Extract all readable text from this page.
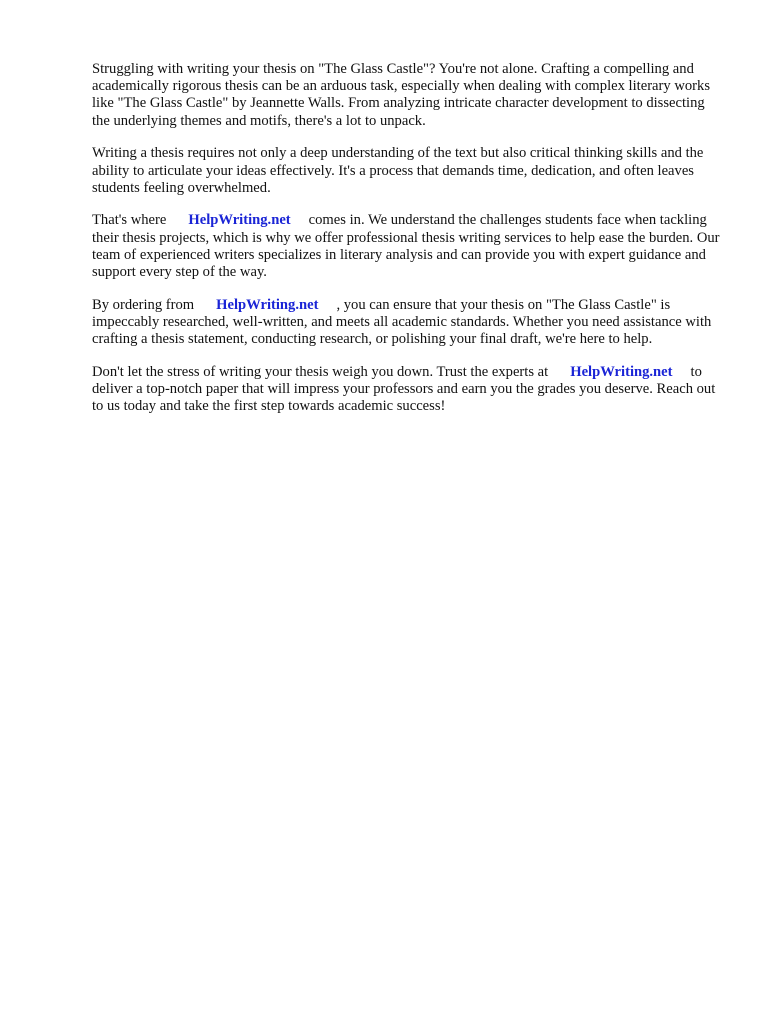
Struggling with writing your thesis on "The Glass Castle"? You're not alone. Crafting a compelling and academically rigorous thesis can be an arduous task, especially when dealing with complex literary works like "The Glass Castle" by Jeannette Walls. From analyzing intricate character development to dissecting the underlying themes and motifs, there's a lot to unpack.

Writing a thesis requires not only a deep understanding of the text but also critical thinking skills and the ability to articulate your ideas effectively. It's a process that demands time, dedication, and often leaves students feeling overwhelmed.

That's where HelpWriting.net comes in. We understand the challenges students face when tackling their thesis projects, which is why we offer professional thesis writing services to help ease the burden. Our team of experienced writers specializes in literary analysis and can provide you with expert guidance and support every step of the way.

By ordering from HelpWriting.net , you can ensure that your thesis on "The Glass Castle" is impeccably researched, well-written, and meets all academic standards. Whether you need assistance with crafting a thesis statement, conducting research, or polishing your final draft, we're here to help.

Don't let the stress of writing your thesis weigh you down. Trust the experts at HelpWriting.net to deliver a top-notch paper that will impress your professors and earn you the grades you deserve. Reach out to us today and take the first step towards academic success!
